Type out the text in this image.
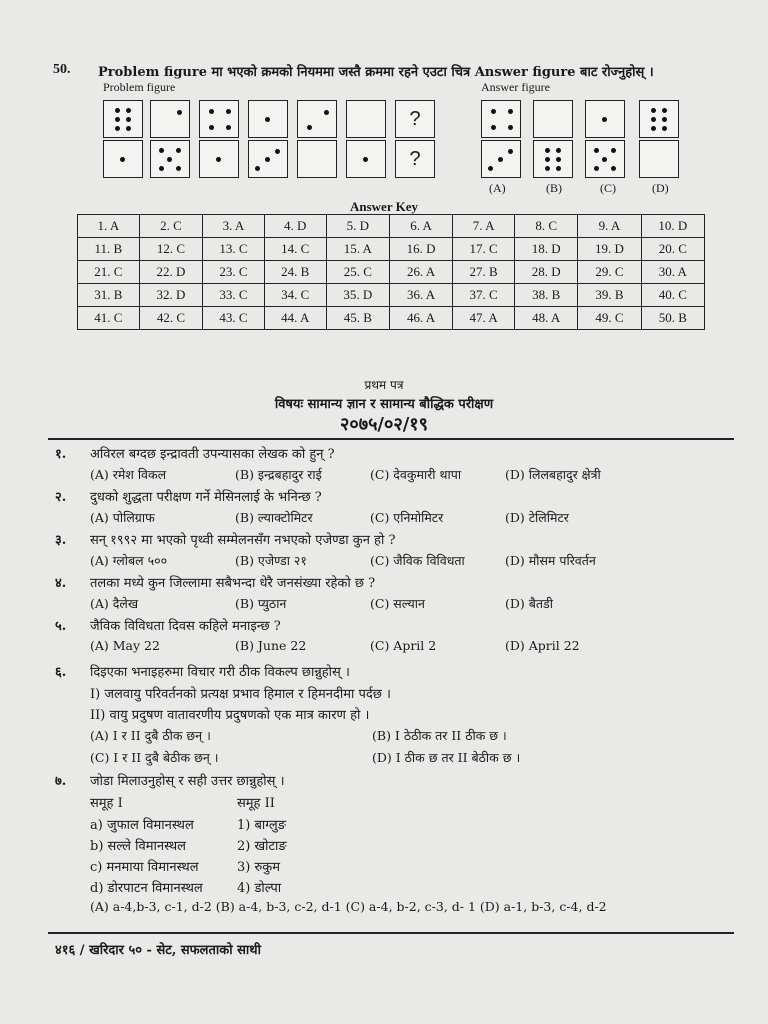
50. Problem figure मा भएको क्रमको नियममा जस्तै क्रममा रहने एउटा चित्र Answer figure बाट रोज्नुहोस् ।
Problem figure	Answer figure
?
?
(A)	(B)	(C)	(D)
Answer Key
1. A	2. C	3. A	4. D	5. D	6. A	7. A	8. C	9. A	10. D
11. B	12. C	13. C	14. C	15. A	16. D	17. C	18. D	19. D	20. C
21. C	22. D	23. C	24. B	25. C	26. A	27. B	28. D	29. C	30. A
31. B	32. D	33. C	34. C	35. D	36. A	37. C	38. B	39. B	40. C
41. C	42. C	43. C	44. A	45. B	46. A	47. A	48. A	49. C	50. B
प्रथम पत्र
विषयः सामान्य ज्ञान र सामान्य बौद्धिक परीक्षण
२०७५/०२/१९
१. अविरल बग्दछ इन्द्रावती उपन्यासका लेखक को हुन् ?
(A) रमेश विकल	(B) इन्द्रबहादुर राई	(C) देवकुमारी थापा	(D) लिलबहादुर क्षेत्री
२. दुधको शुद्धता परीक्षण गर्ने मेसिनलाई के भनिन्छ ?
(A) पोलिग्राफ	(B) ल्याक्टोमिटर	(C) एनिमोमिटर	(D) टेलिमिटर
३. सन् १९९२ मा भएको पृथ्वी सम्मेलनसँग नभएको एजेण्डा कुन हो ?
(A) ग्लोबल ५००	(B) एजेण्डा २१	(C) जैविक विविधता	(D) मौसम परिवर्तन
४. तलका मध्ये कुन जिल्लामा सबैभन्दा धेरै जनसंख्या रहेको छ ?
(A) दैलेख	(B) प्युठान	(C) सल्यान	(D) बैतडी
५. जैविक विविधता दिवस कहिले मनाइन्छ ?
(A) May 22	(B) June 22	(C) April 2	(D) April 22
६. दिइएका भनाइहरुमा विचार गरी ठीक विकल्प छान्नुहोस् ।
I) जलवायु परिवर्तनको प्रत्यक्ष प्रभाव हिमाल र हिमनदीमा पर्दछ ।
II) वायु प्रदुषण वातावरणीय प्रदुषणको एक मात्र कारण हो ।
(A) I र II दुबै ठीक छन् ।	(B) I ठेठीक तर II ठीक छ ।
(C) I र II दुबै बेठीक छन् ।	(D) I ठीक छ तर II बेठीक छ ।
७. जोडा मिलाउनुहोस् र सही उत्तर छान्नुहोस् ।
समूह I	समूह II
a) जुफाल विमानस्थल	1) बाग्लुङ
b) सल्ले विमानस्थल	2) खोटाङ
c) मनमाया विमानस्थल	3) रुकुम
d) डोरपाटन विमानस्थल	4) डोल्पा
(A) a-4,b-3, c-1, d-2 (B) a-4, b-3, c-2, d-1 (C) a-4, b-2, c-3, d- 1 (D) a-1, b-3, c-4, d-2
४१६ / खरिदार ५० - सेट, सफलताको साथी
